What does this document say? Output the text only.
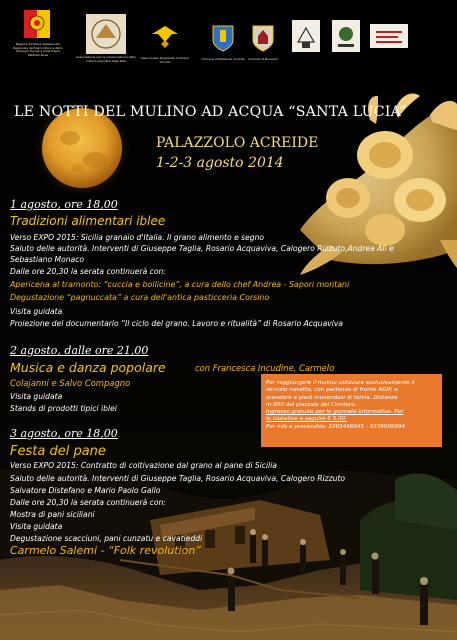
Regione Siciliana Assessorato Regionale dell'Agricoltura e dello Sviluppo Rurale e della Pesca Mediterranea
Associazione per la conservazione della cultura popolare degli Iblei
Casa museo Regionale Antonino Uccello
Comune di Palazzolo Acreide	Comune di Buscemi
LE NOTTI DEL MULINO AD ACQUA “SANTA LUCIA”
PALAZZOLO ACREIDE
1-2-3 agosto 2014
1 agosto, ore 18,00
Tradizioni alimentari iblee
Verso EXPO 2015: Sicilia granaio d'Italia. Il grano alimento e segno
Saluto delle autorità. Interventi di Giuseppe Taglia, Rosario Acquaviva, Calogero Rizzuto,Andrea Alì e
Sebastiano Monaco
Dalle ore 20,30 la serata continuerà con:
Apericena al tramonto: “cuccia e bollicine”, a cura dello chef Andrea - Sapori montani
Degustazione “pagnuccata” a cura dell'antica pasticceria Corsino
Visita guidata
Proiezione del documentario “Il ciclo del grano. Lavoro e ritualità” di Rosario Acquaviva
2 agosto, dalle ore 21,00
Musica e danza popolare	con Francesca Incudine, Carmelo
Colajanni e Salvo Compagno
Visita guidata
Stands di prodotti tipici iblei
Per raggiungere il mulino utilizzare esclusivamente il
servizio navetta, con partenza di fronte AGIP, o
scendere a piedi munendosi di torcia. Distanza
m.800 dal piazzale del Cimitero.
Ingresso gratuito per le giornate informative. Per
le iniziative a seguire € 5,00.
Per info e prevendita: 3283446945 - 3339999994
3 agosto, ore 18,00
Festa del pane
Verso EXPO 2015: Contratto di coltivazione dal grano al pane di Sicilia
Saluto delle autorità. Interventi di Giuseppe Taglia, Rosario Acquaviva, Calogero Rizzuto
Salvatore Distefano e Mario Paolo Gallo
Dalle ore 20,30 la serata continuerà con:
Mostra di pani siciliani
Visita guidata
Degustazione scacciuni, pani cunzatu e cavatieddi
Carmelo Salemi - “Folk revolution”
